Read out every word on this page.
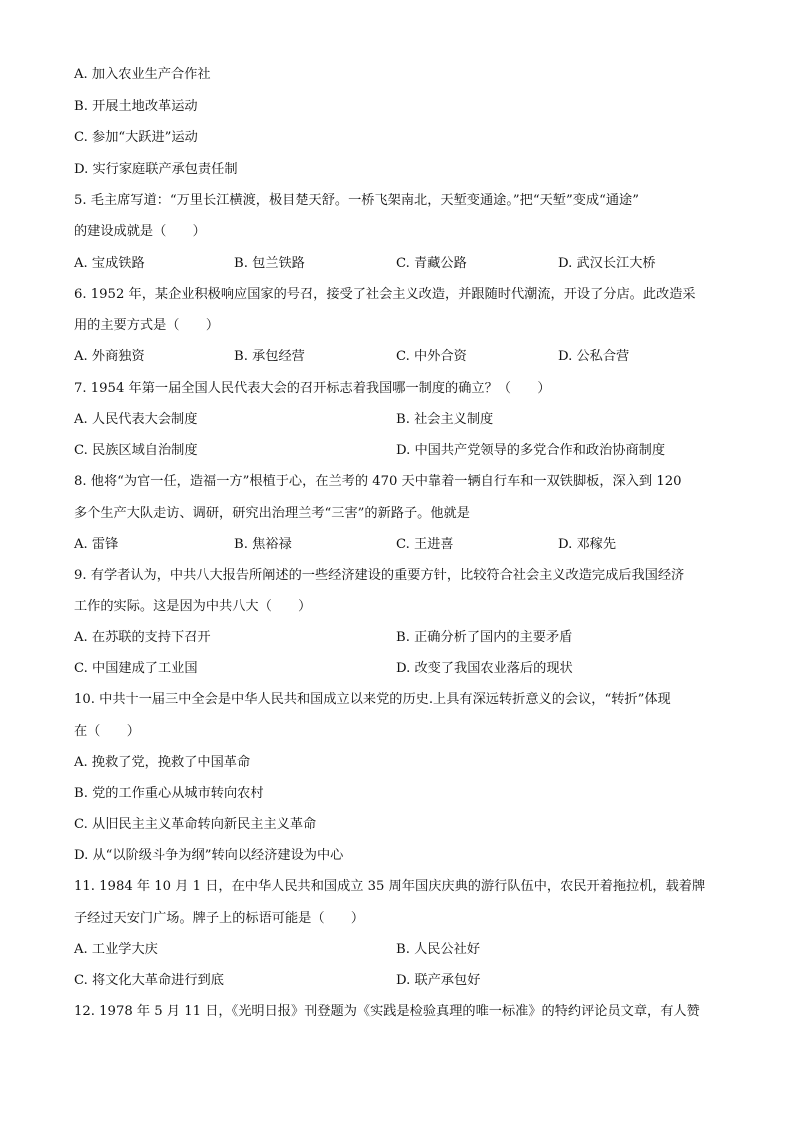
A. 加入农业生产合作社
B. 开展土地改革运动
C. 参加“大跃进”运动
D. 实行家庭联产承包责任制
5. 毛主席写道：“万里长江横渡，极目楚天舒。一桥飞架南北，天堑变通途。”把“天堑”变成“通途”
的建设成就是（　　）
A. 宝成铁路	B. 包兰铁路	C. 青藏公路	D. 武汉长江大桥
6. 1952 年，某企业积极响应国家的号召，接受了社会主义改造，并跟随时代潮流，开设了分店。此改造采
用的主要方式是（　　）
A. 外商独资	B. 承包经营	C. 中外合资	D. 公私合营
7. 1954 年第一届全国人民代表大会的召开标志着我国哪一制度的确立？（　　）
A. 人民代表大会制度	B. 社会主义制度
C. 民族区域自治制度	D. 中国共产党领导的多党合作和政治协商制度
8. 他将“为官一任，造福一方”根植于心，在兰考的 470 天中靠着一辆自行车和一双铁脚板，深入到 120
多个生产大队走访、调研，研究出治理兰考“三害”的新路子。他就是
A. 雷锋	B. 焦裕禄	C. 王进喜	D. 邓稼先
9. 有学者认为，中共八大报告所阐述的一些经济建设的重要方针，比较符合社会主义改造完成后我国经济
工作的实际。这是因为中共八大（　　）
A. 在苏联的支持下召开	B. 正确分析了国内的主要矛盾
C. 中国建成了工业国	D. 改变了我国农业落后的现状
10. 中共十一届三中全会是中华人民共和国成立以来党的历史.上具有深远转折意义的会议，“转折”体现
在（　　）
A. 挽救了党，挽救了中国革命
B. 党的工作重心从城市转向农村
C. 从旧民主主义革命转向新民主主义革命
D. 从“以阶级斗争为纲”转向以经济建设为中心
11. 1984 年 10 月 1 日，在中华人民共和国成立 35 周年国庆庆典的游行队伍中，农民开着拖拉机，载着牌
子经过天安门广场。牌子上的标语可能是（　　）
A. 工业学大庆	B. 人民公社好
C. 将文化大革命进行到底	D. 联产承包好
12. 1978 年 5 月 11 日，《光明日报》刊登题为《实践是检验真理的唯一标准》的特约评论员文章，有人赞
